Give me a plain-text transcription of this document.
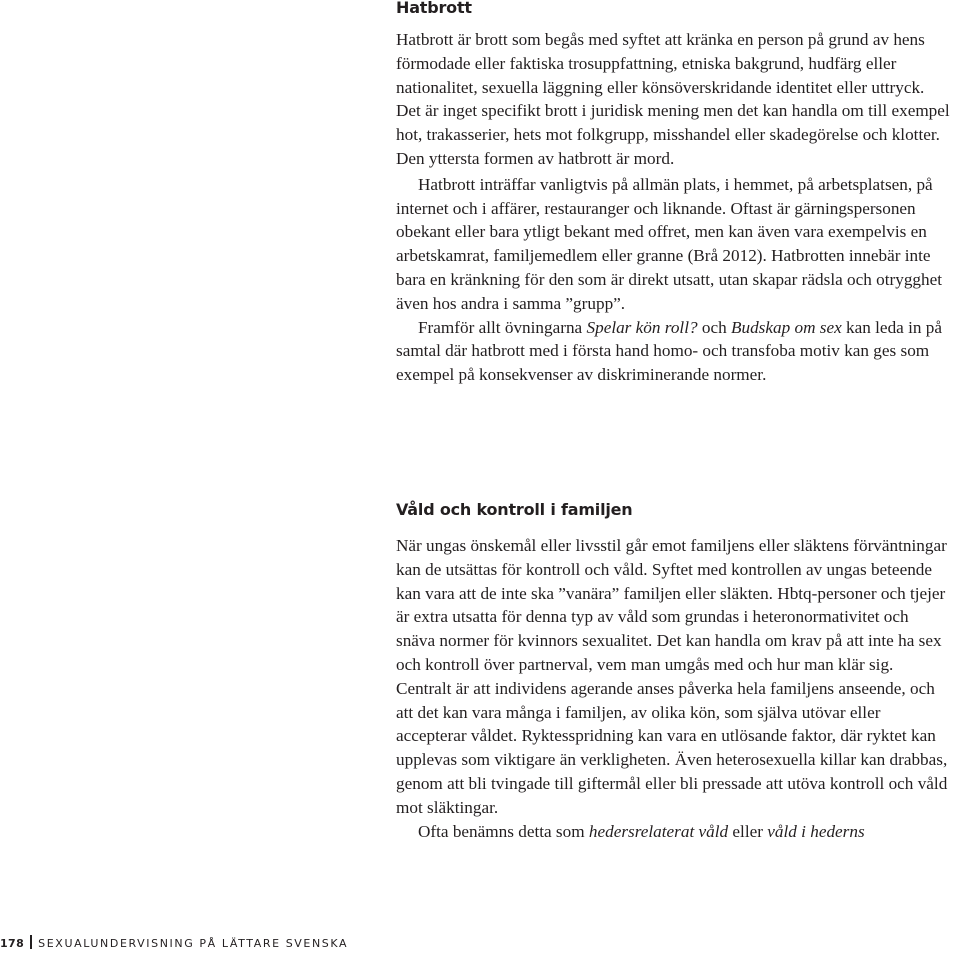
Hatbrott

Hatbrott är brott som begås med syftet att kränka en person på grund av hens förmodade eller faktiska trosuppfattning, etniska bakgrund, hudfärg eller nationalitet, sexuella läggning eller könsöverskridande identitet eller uttryck. Det är inget specifikt brott i juridisk mening men det kan handla om till exempel hot, trakasserier, hets mot folkgrupp, misshandel eller skadegörelse och klotter. Den yttersta formen av hatbrott är mord.

Hatbrott inträffar vanligtvis på allmän plats, i hemmet, på arbetsplatsen, på internet och i affärer, restauranger och liknande. Oftast är gärningspersonen obekant eller bara ytligt bekant med offret, men kan även vara exempelvis en arbetskamrat, familjemedlem eller granne (Brå 2012). Hatbrotten innebär inte bara en kränkning för den som är direkt utsatt, utan skapar rädsla och otrygghet även hos andra i samma ”grupp”.

Framför allt övningarna Spelar kön roll? och Budskap om sex kan leda in på samtal där hatbrott med i första hand homo- och transfoba motiv kan ges som exempel på konsekvenser av diskriminerande normer.

Våld och kontroll i familjen

När ungas önskemål eller livsstil går emot familjens eller släktens förväntningar kan de utsättas för kontroll och våld. Syftet med kontrollen av ungas beteende kan vara att de inte ska ”vanära” familjen eller släkten. Hbtq-personer och tjejer är extra utsatta för denna typ av våld som grundas i heteronormativitet och snäva normer för kvinnors sexualitet. Det kan handla om krav på att inte ha sex och kontroll över partnerval, vem man umgås med och hur man klär sig. Centralt är att individens agerande anses påverka hela familjens anseende, och att det kan vara många i familjen, av olika kön, som själva utövar eller accepterar våldet. Ryktesspridning kan vara en utlösande faktor, där ryktet kan upplevas som viktigare än verkligheten. Även heterosexuella killar kan drabbas, genom att bli tvingade till giftermål eller bli pressade att utöva kontroll och våld mot släktingar.

Ofta benämns detta som hedersrelaterat våld eller våld i hederns

178 SEXUALUNDERVISNING PÅ LÄTTARE SVENSKA
